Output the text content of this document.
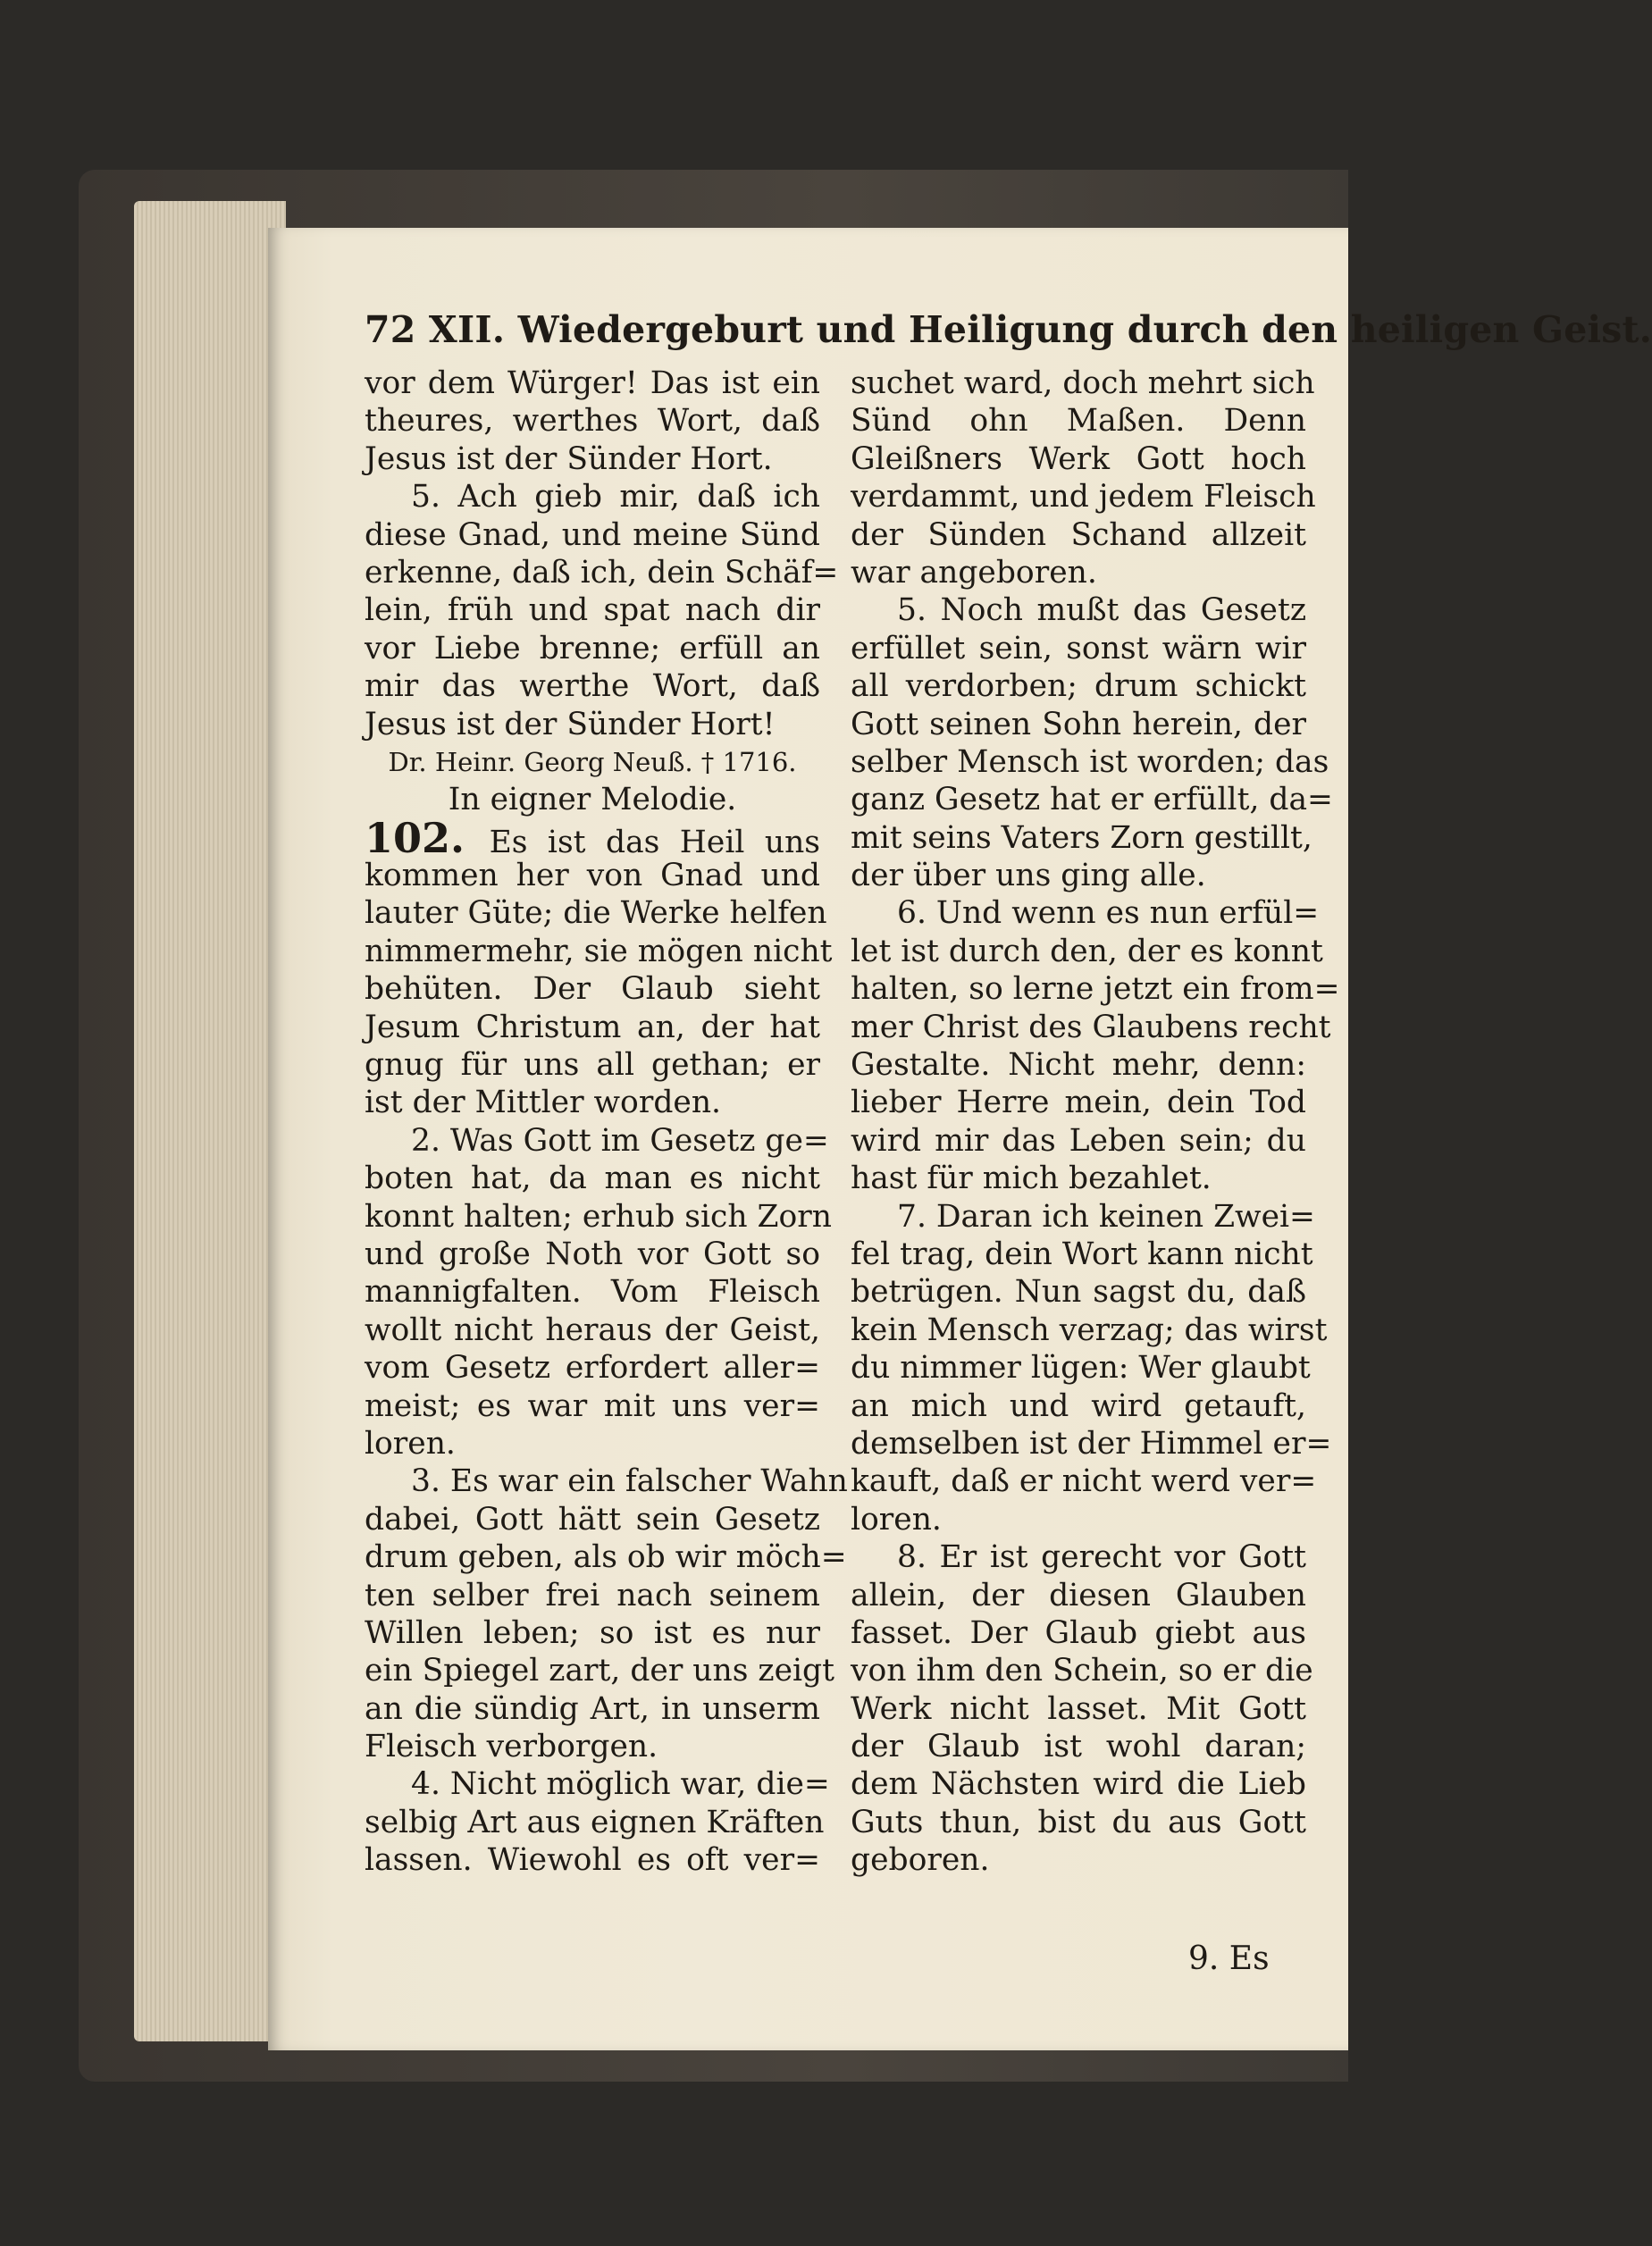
72 XII. Wiedergeburt und Heiligung durch den heiligen Geist.
vor dem Würger! Das ist ein
theures, werthes Wort, daß
Jesus ist der Sünder Hort.
5. Ach gieb mir, daß ich
diese Gnad, und meine Sünd
erkenne, daß ich, dein Schäf=
lein, früh und spat nach dir
vor Liebe brenne; erfüll an
mir das werthe Wort, daß
Jesus ist der Sünder Hort!
Dr. Heinr. Georg Neuß. † 1716.
In eigner Melodie.
102. Es ist das Heil uns
kommen her von Gnad und
lauter Güte; die Werke helfen
nimmermehr, sie mögen nicht
behüten. Der Glaub sieht
Jesum Christum an, der hat
gnug für uns all gethan; er
ist der Mittler worden.
2. Was Gott im Gesetz ge=
boten hat, da man es nicht
konnt halten; erhub sich Zorn
und große Noth vor Gott so
mannigfalten. Vom Fleisch
wollt nicht heraus der Geist,
vom Gesetz erfordert aller=
meist; es war mit uns ver=
loren.
3. Es war ein falscher Wahn
dabei, Gott hätt sein Gesetz
drum geben, als ob wir möch=
ten selber frei nach seinem
Willen leben; so ist es nur
ein Spiegel zart, der uns zeigt
an die sündig Art, in unserm
Fleisch verborgen.
4. Nicht möglich war, die=
selbig Art aus eignen Kräften
lassen. Wiewohl es oft ver=
suchet ward, doch mehrt sich
Sünd ohn Maßen. Denn
Gleißners Werk Gott hoch
verdammt, und jedem Fleisch
der Sünden Schand allzeit
war angeboren.
5. Noch mußt das Gesetz
erfüllet sein, sonst wärn wir
all verdorben; drum schickt
Gott seinen Sohn herein, der
selber Mensch ist worden; das
ganz Gesetz hat er erfüllt, da=
mit seins Vaters Zorn gestillt,
der über uns ging alle.
6. Und wenn es nun erfül=
let ist durch den, der es konnt
halten, so lerne jetzt ein from=
mer Christ des Glaubens recht
Gestalte. Nicht mehr, denn:
lieber Herre mein, dein Tod
wird mir das Leben sein; du
hast für mich bezahlet.
7. Daran ich keinen Zwei=
fel trag, dein Wort kann nicht
betrügen. Nun sagst du, daß
kein Mensch verzag; das wirst
du nimmer lügen: Wer glaubt
an mich und wird getauft,
demselben ist der Himmel er=
kauft, daß er nicht werd ver=
loren.
8. Er ist gerecht vor Gott
allein, der diesen Glauben
fasset. Der Glaub giebt aus
von ihm den Schein, so er die
Werk nicht lasset. Mit Gott
der Glaub ist wohl daran;
dem Nächsten wird die Lieb
Guts thun, bist du aus Gott
geboren.
9. Es
